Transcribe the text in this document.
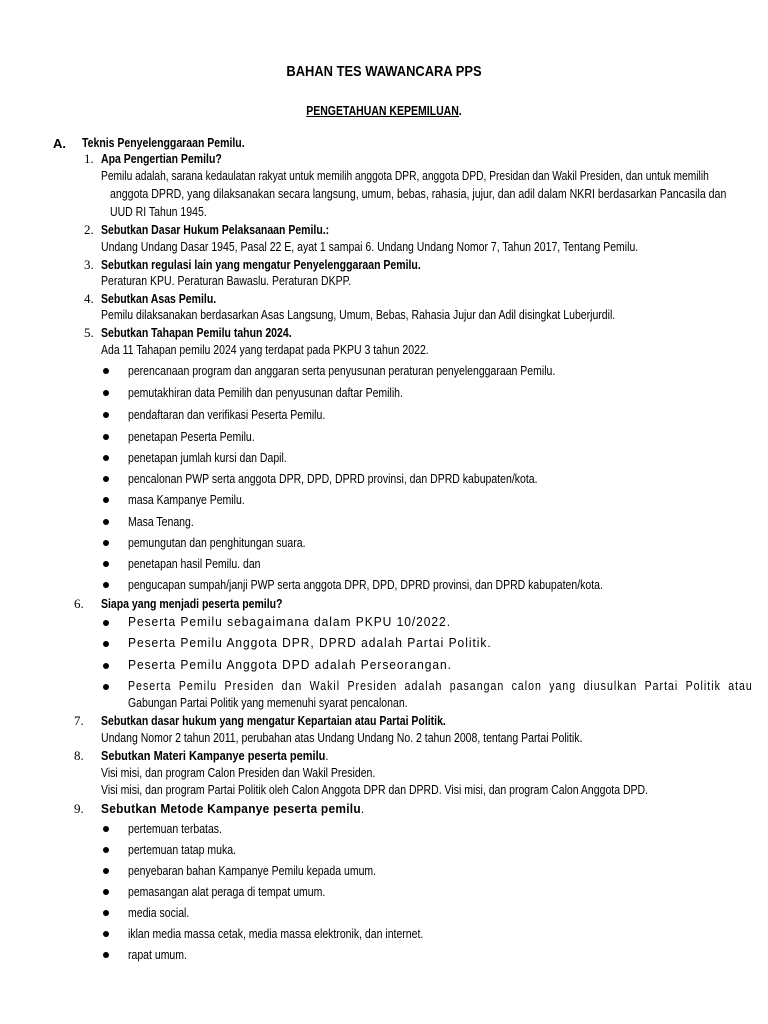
BAHAN TES WAWANCARA PPS
PENGETAHUAN KEPEMILUAN.
A. Teknis Penyelenggaraan Pemilu.
1. Apa Pengertian Pemilu?
Pemilu adalah, sarana kedaulatan rakyat untuk memilih anggota DPR, anggota DPD, Presidan dan Wakil Presiden, dan untuk memilih
anggota DPRD, yang dilaksanakan secara langsung, umum, bebas, rahasia, jujur, dan adil dalam NKRI berdasarkan Pancasila dan
UUD RI Tahun 1945.
2. Sebutkan Dasar Hukum Pelaksanaan Pemilu.:
Undang Undang Dasar 1945, Pasal 22 E, ayat 1 sampai 6. Undang Undang Nomor 7, Tahun 2017, Tentang Pemilu.
3. Sebutkan regulasi lain yang mengatur Penyelenggaraan Pemilu.
Peraturan KPU. Peraturan Bawaslu. Peraturan DKPP.
4. Sebutkan Asas Pemilu.
Pemilu dilaksanakan berdasarkan Asas Langsung, Umum, Bebas, Rahasia Jujur dan Adil disingkat Luberjurdil.
5. Sebutkan Tahapan Pemilu tahun 2024.
Ada 11 Tahapan pemilu 2024 yang terdapat pada PKPU 3 tahun 2022.
perencanaan program dan anggaran serta penyusunan peraturan penyelenggaraan Pemilu.
pemutakhiran data Pemilih dan penyusunan daftar Pemilih.
pendaftaran dan verifikasi Peserta Pemilu.
penetapan Peserta Pemilu.
penetapan jumlah kursi dan Dapil.
pencalonan PWP serta anggota DPR, DPD, DPRD provinsi, dan DPRD kabupaten/kota.
masa Kampanye Pemilu.
Masa Tenang.
pemungutan dan penghitungan suara.
penetapan hasil Pemilu. dan
pengucapan sumpah/janji PWP serta anggota DPR, DPD, DPRD provinsi, dan DPRD kabupaten/kota.
6. Siapa yang menjadi peserta pemilu?
Peserta Pemilu sebagaimana dalam PKPU 10/2022.
Peserta Pemilu Anggota DPR, DPRD adalah Partai Politik.
Peserta Pemilu Anggota DPD adalah Perseorangan.
Peserta Pemilu Presiden dan Wakil Presiden adalah pasangan calon yang diusulkan Partai Politik atau
Gabungan Partai Politik yang memenuhi syarat pencalonan.
7. Sebutkan dasar hukum yang mengatur Kepartaian atau Partai Politik.
Undang Nomor 2 tahun 2011, perubahan atas Undang Undang No. 2 tahun 2008, tentang Partai Politik.
8. Sebutkan Materi Kampanye peserta pemilu.
Visi misi, dan program Calon Presiden dan Wakil Presiden.
Visi misi, dan program Partai Politik oleh Calon Anggota DPR dan DPRD. Visi misi, dan program Calon Anggota DPD.
9. Sebutkan Metode Kampanye peserta pemilu.
pertemuan terbatas.
pertemuan tatap muka.
penyebaran bahan Kampanye Pemilu kepada umum.
pemasangan alat peraga di tempat umum.
media social.
iklan media massa cetak, media massa elektronik, dan internet.
rapat umum.
